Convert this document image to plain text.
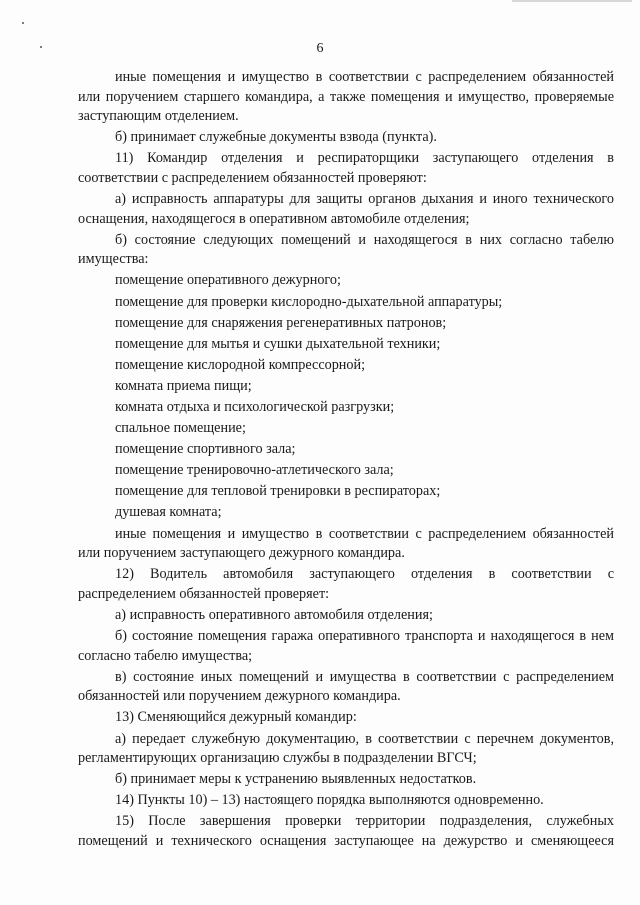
6

иные помещения и имущество в соответствии с распределением обязанностей или поручением старшего командира, а также помещения и имущество, проверяемые заступающим отделением.

б) принимает служебные документы взвода (пункта).

11) Командир отделения и респираторщики заступающего отделения в соответствии с распределением обязанностей проверяют:

а) исправность аппаратуры для защиты органов дыхания и иного технического оснащения, находящегося в оперативном автомобиле отделения;

б) состояние следующих помещений и находящегося в них согласно табелю имущества:

помещение оперативного дежурного;

помещение для проверки кислородно-дыхательной аппаратуры;

помещение для снаряжения регенеративных патронов;

помещение для мытья и сушки дыхательной техники;

помещение кислородной компрессорной;

комната приема пищи;

комната отдыха и психологической разгрузки;

спальное помещение;

помещение спортивного зала;

помещение тренировочно-атлетического зала;

помещение для тепловой тренировки в респираторах;

душевая комната;

иные помещения и имущество в соответствии с распределением обязанностей или поручением заступающего дежурного командира.

12) Водитель автомобиля заступающего отделения в соответствии с распределением обязанностей проверяет:

а) исправность оперативного автомобиля отделения;

б) состояние помещения гаража оперативного транспорта и находящегося в нем согласно табелю имущества;

в) состояние иных помещений и имущества в соответствии с распределением обязанностей или поручением дежурного командира.

13) Сменяющийся дежурный командир:

а) передает служебную документацию, в соответствии с перечнем документов, регламентирующих организацию службы в подразделении ВГСЧ;

б) принимает меры к устранению выявленных недостатков.

14) Пункты 10) – 13) настоящего порядка выполняются одновременно.

15) После завершения проверки территории подразделения, служебных помещений и технического оснащения заступающее на дежурство и сменяющееся
